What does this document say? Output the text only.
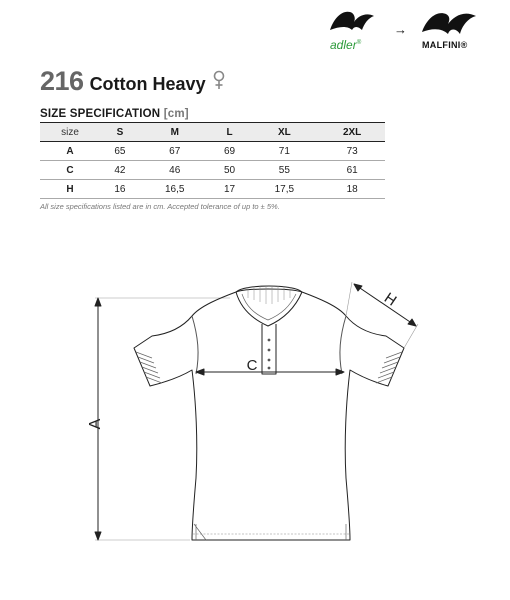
adler®
→
MALFINI®
216 Cotton Heavy
SIZE SPECIFICATION [cm]
size	S	M	L	XL	2XL
A	65	67	69	71	73
C	42	46	50	55	61
H	16	16,5	17	17,5	18
All size specifications listed are in cm. Accepted tolerance of up to ± 5%.
A
C
H
